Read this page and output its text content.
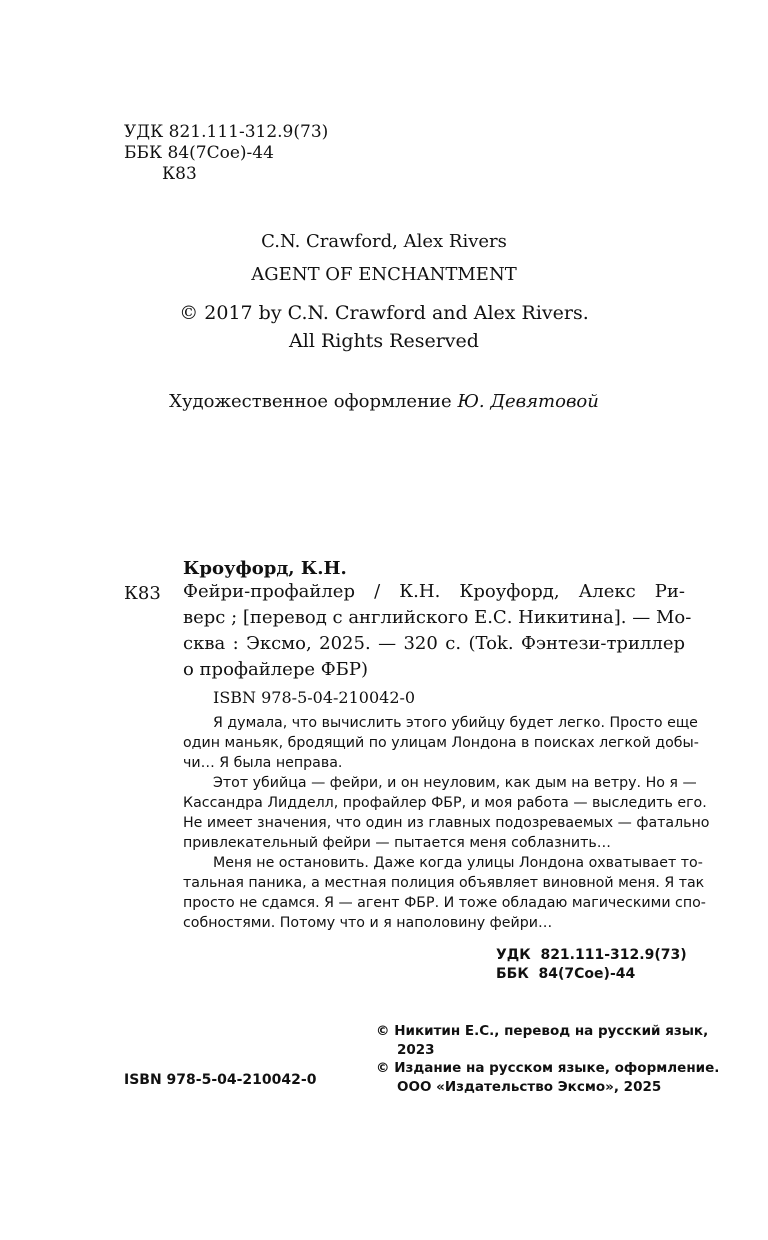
УДК 821.111-312.9(73)
ББК 84(7Сое)-44
К83
C.N. Crawford, Alex Rivers
AGENT OF ENCHANTMENT
© 2017 by C.N. Crawford and Alex Rivers.
All Rights Reserved
Художественное оформление Ю. Девятовой
Кроуфорд, К.Н.
К83 Фейри-профайлер / К.Н. Кроуфорд, Алекс Ри-
верс ; [перевод с английского Е.С. Никитина]. — Мо-
сква : Эксмо, 2025. — 320 с. (Tok. Фэнтези-триллер
о профайлере ФБР)
ISBN 978-5-04-210042-0
Я думала, что вычислить этого убийцу будет легко. Просто еще
один маньяк, бродящий по улицам Лондона в поисках легкой добы-
чи… Я была неправа.
Этот убийца — фейри, и он неуловим, как дым на ветру. Но я —
Кассандра Лидделл, профайлер ФБР, и моя работа — выследить его.
Не имеет значения, что один из главных подозреваемых — фатально
привлекательный фейри — пытается меня соблазнить…
Меня не остановить. Даже когда улицы Лондона охватывает то-
тальная паника, а местная полиция объявляет виновной меня. Я так
просто не сдамся. Я — агент ФБР. И тоже обладаю магическими спо-
собностями. Потому что и я наполовину фейри…
УДК  821.111-312.9(73)
ББК  84(7Сое)-44
© Никитин Е.С., перевод на русский язык,
2023
© Издание на русском языке, оформление.
ООО «Издательство Эксмо», 2025
ISBN 978-5-04-210042-0
